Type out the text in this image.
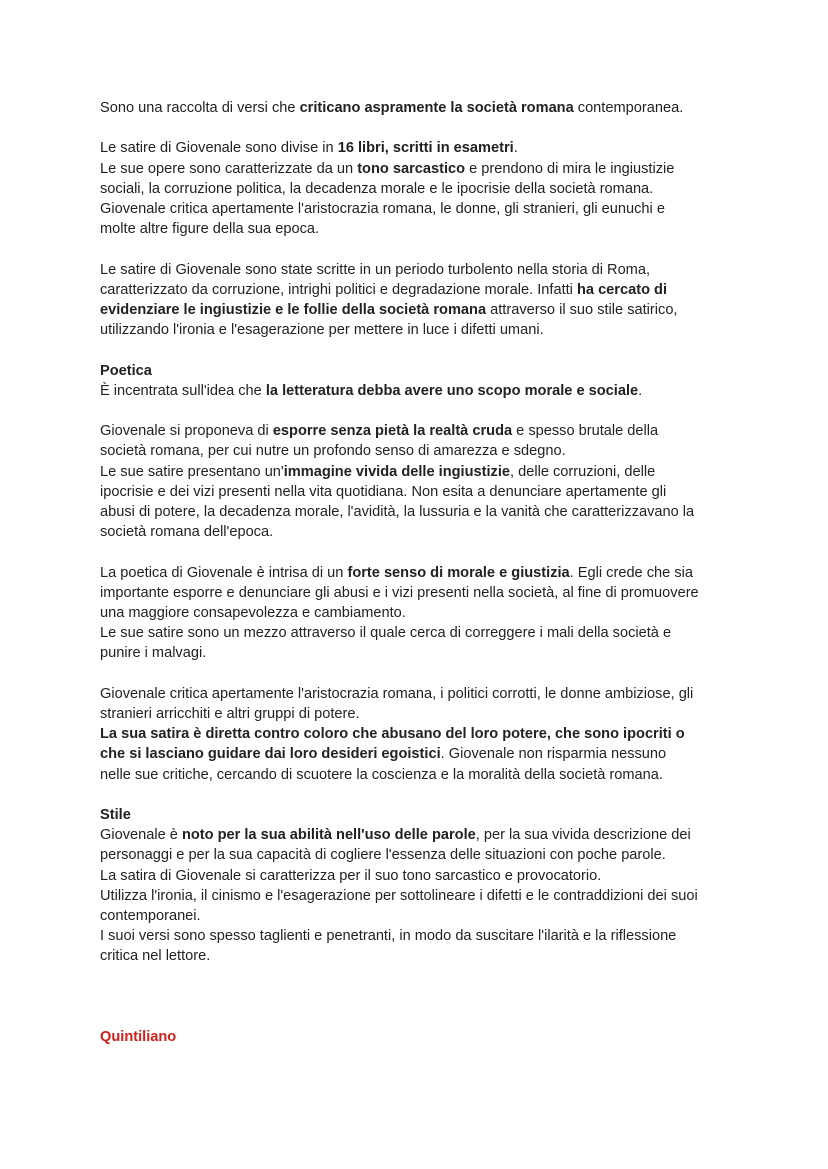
Sono una raccolta di versi che criticano aspramente la società romana contemporanea.
Le satire di Giovenale sono divise in 16 libri, scritti in esametri.
Le sue opere sono caratterizzate da un tono sarcastico e prendono di mira le ingiustizie
sociali, la corruzione politica, la decadenza morale e le ipocrisie della società romana.
Giovenale critica apertamente l'aristocrazia romana, le donne, gli stranieri, gli eunuchi e
molte altre figure della sua epoca.
Le satire di Giovenale sono state scritte in un periodo turbolento nella storia di Roma,
caratterizzato da corruzione, intrighi politici e degradazione morale. Infatti ha cercato di
evidenziare le ingiustizie e le follie della società romana attraverso il suo stile satirico,
utilizzando l'ironia e l'esagerazione per mettere in luce i difetti umani.
Poetica
È incentrata sull'idea che la letteratura debba avere uno scopo morale e sociale.
Giovenale si proponeva di esporre senza pietà la realtà cruda e spesso brutale della
società romana, per cui nutre un profondo senso di amarezza e sdegno.
Le sue satire presentano un'immagine vivida delle ingiustizie, delle corruzioni, delle
ipocrisie e dei vizi presenti nella vita quotidiana. Non esita a denunciare apertamente gli
abusi di potere, la decadenza morale, l'avidità, la lussuria e la vanità che caratterizzavano la
società romana dell'epoca.
La poetica di Giovenale è intrisa di un forte senso di morale e giustizia. Egli crede che sia
importante esporre e denunciare gli abusi e i vizi presenti nella società, al fine di promuovere
una maggiore consapevolezza e cambiamento.
Le sue satire sono un mezzo attraverso il quale cerca di correggere i mali della società e
punire i malvagi.
Giovenale critica apertamente l'aristocrazia romana, i politici corrotti, le donne ambiziose, gli
stranieri arricchiti e altri gruppi di potere.
La sua satira è diretta contro coloro che abusano del loro potere, che sono ipocriti o
che si lasciano guidare dai loro desideri egoistici. Giovenale non risparmia nessuno
nelle sue critiche, cercando di scuotere la coscienza e la moralità della società romana.
Stile
Giovenale è noto per la sua abilità nell'uso delle parole, per la sua vivida descrizione dei
personaggi e per la sua capacità di cogliere l'essenza delle situazioni con poche parole.
La satira di Giovenale si caratterizza per il suo tono sarcastico e provocatorio.
Utilizza l'ironia, il cinismo e l'esagerazione per sottolineare i difetti e le contraddizioni dei suoi
contemporanei.
I suoi versi sono spesso taglienti e penetranti, in modo da suscitare l'ilarità e la riflessione
critica nel lettore.
Quintiliano
